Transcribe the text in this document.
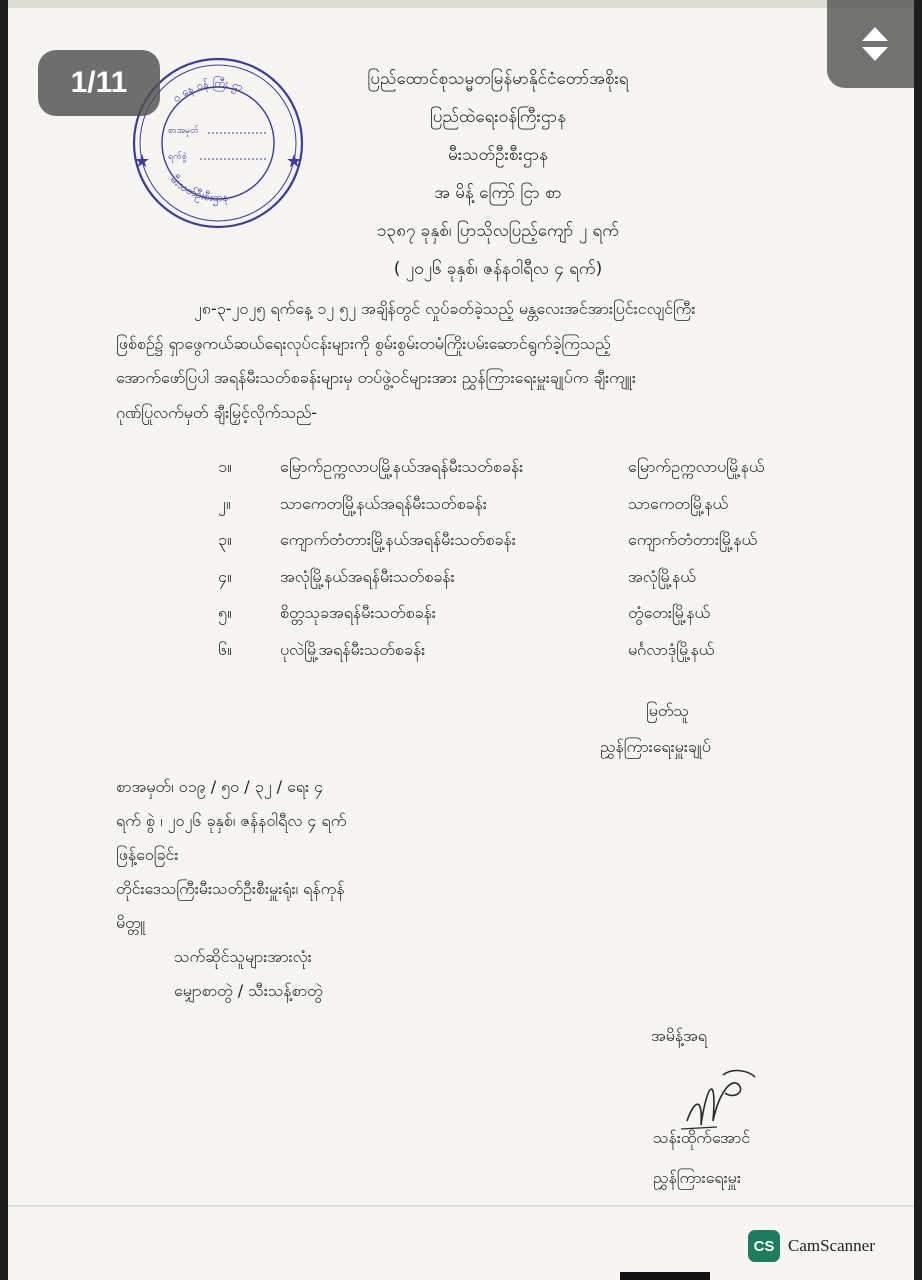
1/11	ဝ နေ ဝန် ကြီး ဌာ
မီးသတ်ဦးစီးဌာန
စာအမှတ်
ရက်စွဲ
★	★
ပြည်ထောင်စုသမ္မတမြန်မာနိုင်ငံတော်အစိုးရ
ပြည်ထဲရေးဝန်ကြီးဌာန
မီးသတ်ဦးစီးဌာန
အ မိန့် ကြော် ငြာ စာ
၁၃၈၇ ခုနှစ်၊ ပြာသိုလပြည့်ကျော် ၂ ရက်
( ၂၀၂၆ ခုနှစ်၊ ဇန်နဝါရီလ ၄ ရက်)

၂၈-၃-၂၀၂၅ ရက်နေ့ ၁၂ ၅၂ အချိန်တွင် လှုပ်ခတ်ခဲ့သည့် မန္တလေးအင်အားပြင်းငလျင်ကြီး

ဖြစ်စဉ်၌ ရှာဖွေကယ်ဆယ်ရေးလုပ်ငန်းများကို စွမ်းစွမ်းတမံကြိုးပမ်းဆောင်ရွက်ခဲ့ကြသည့်

အောက်ဖော်ပြပါ အရန်မီးသတ်စခန်းများမှ တပ်ဖွဲ့ဝင်များအား ညွှန်ကြားရေးမှူးချုပ်က ချီးကျူး

ဂုဏ်ပြုလက်မှတ် ချီးမြှင့်လိုက်သည်-

၁။	မြောက်ဥက္ကလာပမြို့နယ်အရန်မီးသတ်စခန်း	မြောက်ဥက္ကလာပမြို့နယ်
၂။	သာကေတမြို့နယ်အရန်မီးသတ်စခန်း	သာကေတမြို့နယ်
၃။	ကျောက်တံတားမြို့နယ်အရန်မီးသတ်စခန်း	ကျောက်တံတားမြို့နယ်
၄။	အလုံမြို့နယ်အရန်မီးသတ်စခန်း	အလုံမြို့နယ်
၅။	စိတ္တသုခအရန်မီးသတ်စခန်း	တွံတေးမြို့နယ်
၆။	ပုလဲမြို့အရန်မီးသတ်စခန်း	မင်္ဂလာဒုံမြို့နယ်
မြတ်သူ
ညွှန်ကြားရေးမှူးချုပ်
စာအမှတ်၊ ၀၁၉ / ၅၀ / ၃၂ / ရေး ၄
ရက် စွဲ ၊ ၂၀၂၆ ခုနှစ်၊ ဇန်နဝါရီလ ၄ ရက်
ဖြန့်ဝေခြင်း
တိုင်းဒေသကြီးမီးသတ်ဦးစီးမှူးရုံး၊ ရန်ကုန်
မိတ္တူ
သက်ဆိုင်သူများအားလုံး
မျှောစာတွဲ / သီးသန့်စာတွဲ
အမိန့်အရ
သန်းထိုက်အောင်
ညွှန်ကြားရေးမှူး
CS CamScanner
